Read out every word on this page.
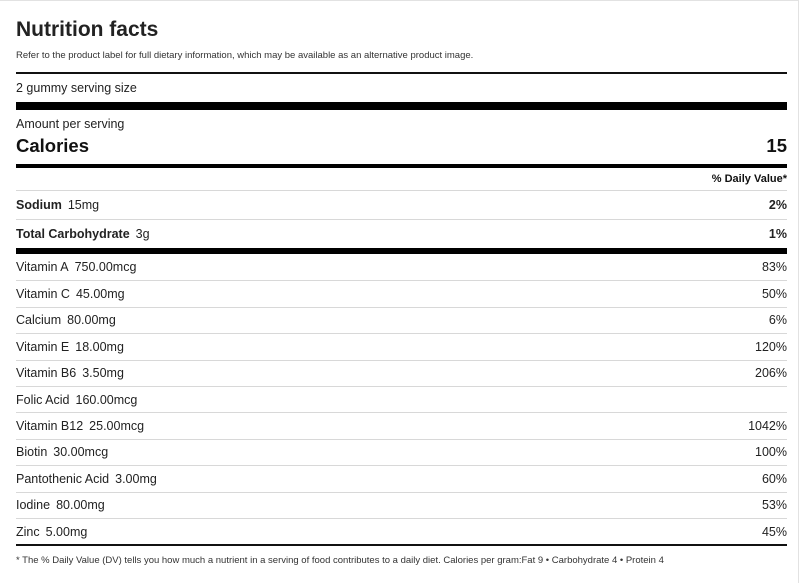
Nutrition facts
Refer to the product label for full dietary information, which may be available as an alternative product image.
2 gummy serving size
Amount per serving
Calories	15
% Daily Value*
Sodium 15mg	2%
Total Carbohydrate 3g	1%
Vitamin A 750.00mcg	83%
Vitamin C 45.00mg	50%
Calcium 80.00mg	6%
Vitamin E 18.00mg	120%
Vitamin B6 3.50mg	206%
Folic Acid 160.00mcg
Vitamin B12 25.00mcg	1042%
Biotin 30.00mcg	100%
Pantothenic Acid 3.00mg	60%
Iodine 80.00mg	53%
Zinc 5.00mg	45%
* The % Daily Value (DV) tells you how much a nutrient in a serving of food contributes to a daily diet. Calories per gram:Fat 9 • Carbohydrate 4 • Protein 4
